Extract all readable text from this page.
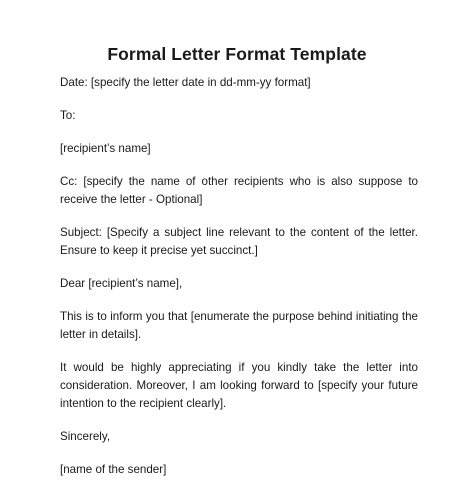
Formal Letter Format Template

Date: [specify the letter date in dd-mm-yy format]

To:

[recipient’s name]

Cc: [specify the name of other recipients who is also suppose to receive the letter - Optional]

Subject: [Specify a subject line relevant to the content of the letter. Ensure to keep it precise yet succinct.]

Dear [recipient’s name],

This is to inform you that [enumerate the purpose behind initiating the letter in details].

It would be highly appreciating if you kindly take the letter into consideration. Moreover, I am looking forward to [specify your future intention to the recipient clearly].

Sincerely,

[name of the sender]
